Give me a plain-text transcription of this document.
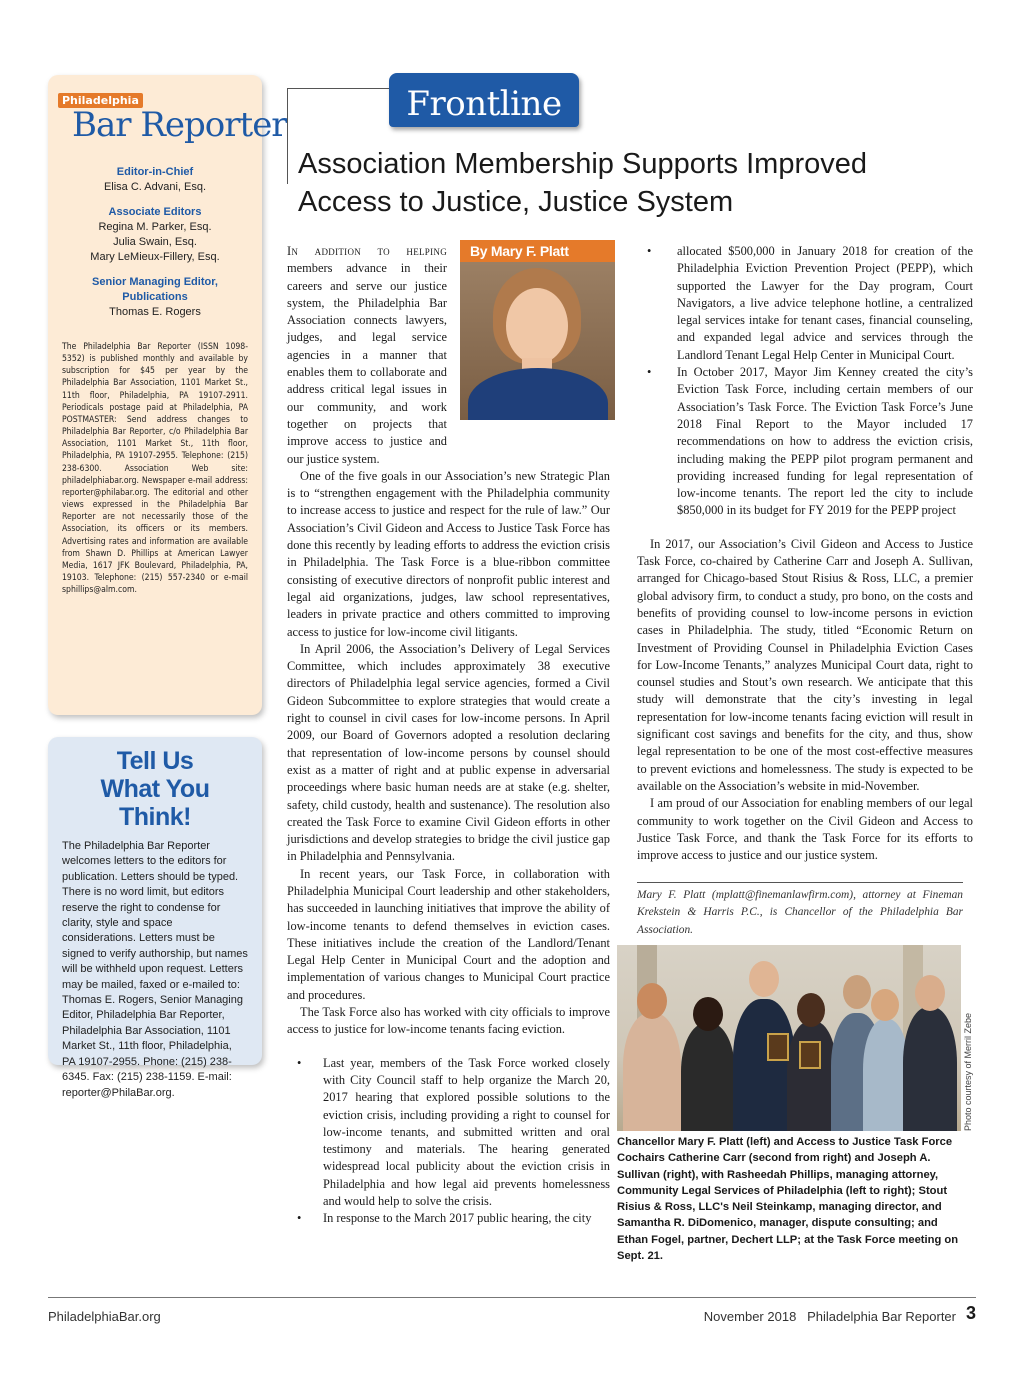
Philadelphia
Bar Reporter
Editor-in-Chief
Elisa C. Advani, Esq.
Associate Editors
Regina M. Parker, Esq.
Julia Swain, Esq.
Mary LeMieux-Fillery, Esq.
Senior Managing Editor, Publications
Thomas E. Rogers
The Philadelphia Bar Reporter (ISSN 1098-5352) is published monthly and available by subscription for $45 per year by the Philadelphia Bar Association, 1101 Market St., 11th floor, Philadelphia, PA 19107-2911. Periodicals postage paid at Philadelphia, PA POSTMASTER: Send address changes to Philadelphia Bar Reporter, c/o Philadelphia Bar Association, 1101 Market St., 11th floor, Philadelphia, PA 19107-2955. Telephone: (215) 238-6300. Association Web site: philadelphiabar.org. Newspaper e-mail address: reporter@philabar.org. The editorial and other views expressed in the Philadelphia Bar Reporter are not necessarily those of the Association, its officers or its members. Advertising rates and information are available from Shawn D. Phillips at American Lawyer Media, 1617 JFK Boulevard, Philadelphia, PA, 19103. Telephone: (215) 557-2340 or e-mail sphillips@alm.com.
Tell Us
What You Think!
The Philadelphia Bar Reporter welcomes letters to the editors for publication. Letters should be typed. There is no word limit, but editors reserve the right to condense for clarity, style and space considerations. Letters must be signed to verify authorship, but names will be withheld upon request. Letters may be mailed, faxed or e-mailed to: Thomas E. Rogers, Senior Managing Editor, Philadelphia Bar Reporter, Philadelphia Bar Association, 1101 Market St., 11th floor, Philadelphia, PA 19107-2955. Phone: (215) 238-6345. Fax: (215) 238-1159. E-mail: reporter@PhilaBar.org.
Frontline
Association Membership Supports Improved
Access to Justice, Justice System
By Mary F. Platt

In addition to helping members advance in their careers and serve our justice system, the Philadelphia Bar Association connects lawyers, judges, and legal service agencies in a manner that enables them to collaborate and address critical legal issues in our community, and work together on projects that improve access to justice and our justice system.

One of the five goals in our Association’s new Strategic Plan is to “strengthen engagement with the Philadelphia community to increase access to justice and respect for the rule of law.” Our Association’s Civil Gideon and Access to Justice Task Force has done this recently by leading efforts to address the eviction crisis in Philadelphia. The Task Force is a blue-ribbon committee consisting of executive directors of nonprofit public interest and legal aid organizations, judges, law school representatives, leaders in private practice and others committed to improving access to justice for low-income civil litigants.

In April 2006, the Association’s Delivery of Legal Services Committee, which includes approximately 38 executive directors of Philadelphia legal service agencies, formed a Civil Gideon Subcommittee to explore strategies that would create a right to counsel in civil cases for low-income persons. In April 2009, our Board of Governors adopted a resolution declaring that representation of low-income persons by counsel should exist as a matter of right and at public expense in adversarial proceedings where basic human needs are at stake (e.g. shelter, safety, child custody, health and sustenance). The resolution also created the Task Force to examine Civil Gideon efforts in other jurisdictions and develop strategies to bridge the civil justice gap in Philadelphia and Pennsylvania.

In recent years, our Task Force, in collaboration with Philadelphia Municipal Court leadership and other stakeholders, has succeeded in launching initiatives that improve the ability of low-income tenants to defend themselves in eviction cases. These initiatives include the creation of the Landlord/Tenant Legal Help Center in Municipal Court and the adoption and implementation of various changes to Municipal Court practice and procedures.

The Task Force also has worked with city officials to improve access to justice for low-income tenants facing eviction.

• Last year, members of the Task Force worked closely with City Council staff to help organize the March 20, 2017 hearing that explored possible solutions to the eviction crisis, including providing a right to counsel for low-income tenants, and submitted written and oral testimony and materials. The hearing generated widespread local publicity about the eviction crisis in Philadelphia and how legal aid prevents homelessness and would help to solve the crisis.
• In response to the March 2017 public hearing, the city
• allocated $500,000 in January 2018 for creation of the Philadelphia Eviction Prevention Project (PEPP), which supported the Lawyer for the Day program, Court Navigators, a live advice telephone hotline, a centralized legal services intake for tenant cases, financial counseling, and expanded legal advice and services through the Landlord Tenant Legal Help Center in Municipal Court.
• In October 2017, Mayor Jim Kenney created the city’s Eviction Task Force, including certain members of our Association’s Task Force. The Eviction Task Force’s June 2018 Final Report to the Mayor included 17 recommendations on how to address the eviction crisis, including making the PEPP pilot program permanent and providing increased funding for legal representation of low-income tenants. The report led the city to include $850,000 in its budget for FY 2019 for the PEPP project

In 2017, our Association’s Civil Gideon and Access to Justice Task Force, co-chaired by Catherine Carr and Joseph A. Sullivan, arranged for Chicago-based Stout Risius & Ross, LLC, a premier global advisory firm, to conduct a study, pro bono, on the costs and benefits of providing counsel to low-income persons in eviction cases in Philadelphia. The study, titled “Economic Return on Investment of Providing Counsel in Philadelphia Eviction Cases for Low-Income Tenants,” analyzes Municipal Court data, right to counsel studies and Stout’s own research. We anticipate that this study will demonstrate that the city’s investing in legal representation for low-income tenants facing eviction will result in significant cost savings and benefits for the city, and thus, show legal representation to be one of the most cost-effective measures to prevent evictions and homelessness. The study is expected to be available on the Association’s website in mid-November.

I am proud of our Association for enabling members of our legal community to work together on the Civil Gideon and Access to Justice Task Force, and thank the Task Force for its efforts to improve access to justice and our justice system.

Mary F. Platt (mplatt@finemanlawfirm.com), attorney at Fineman Krekstein & Harris P.C., is Chancellor of the Philadelphia Bar Association.
Photo courtesy of Merril Zebe
Chancellor Mary F. Platt (left) and Access to Justice Task Force Cochairs Catherine Carr (second from right) and Joseph A. Sullivan (right), with Rasheedah Phillips, managing attorney, Community Legal Services of Philadelphia (left to right); Stout Risius & Ross, LLC's Neil Steinkamp, managing director, and Samantha R. DiDomenico, manager, dispute consulting; and Ethan Fogel, partner, Dechert LLP; at the Task Force meeting on Sept. 21.
PhiladelphiaBar.org	November 2018   Philadelphia Bar Reporter 3
